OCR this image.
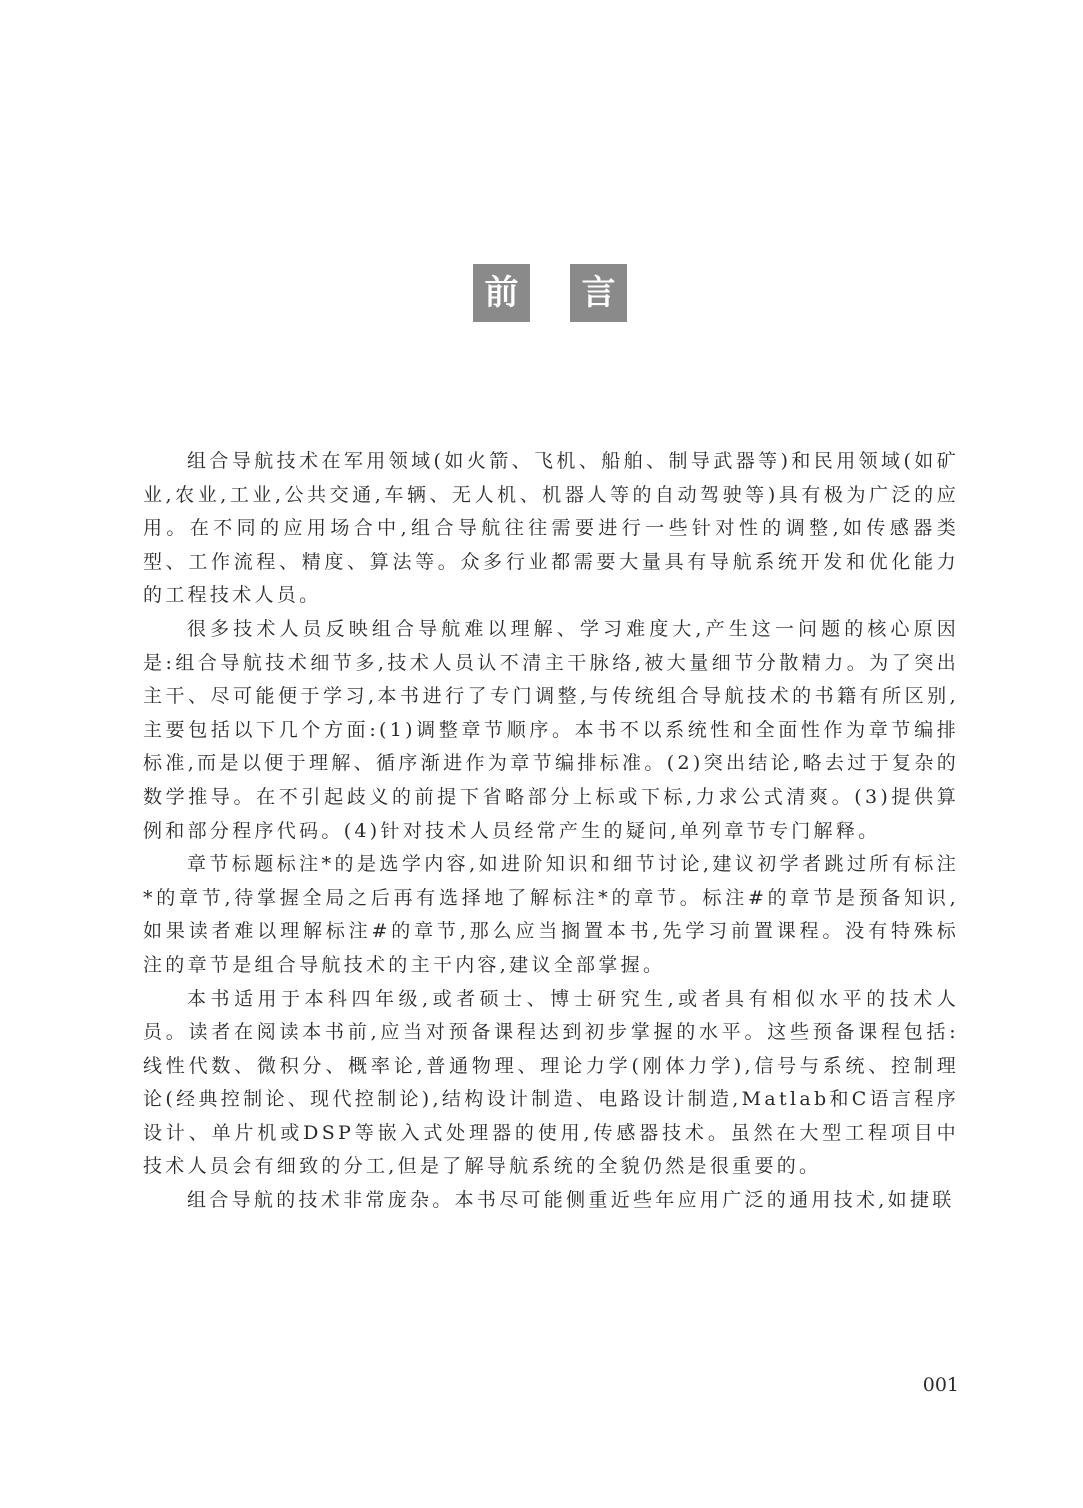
前	言

组合导航技术在军用领域(如火箭、飞机、船舶、制导武器等)和民用领域(如矿业,农业,工业,公共交通,车辆、无人机、机器人等的自动驾驶等)具有极为广泛的应用。在不同的应用场合中,组合导航往往需要进行一些针对性的调整,如传感器类型、工作流程、精度、算法等。众多行业都需要大量具有导航系统开发和优化能力的工程技术人员。

很多技术人员反映组合导航难以理解、学习难度大,产生这一问题的核心原因是:组合导航技术细节多,技术人员认不清主干脉络,被大量细节分散精力。为了突出主干、尽可能便于学习,本书进行了专门调整,与传统组合导航技术的书籍有所区别,主要包括以下几个方面:(1)调整章节顺序。本书不以系统性和全面性作为章节编排标准,而是以便于理解、循序渐进作为章节编排标准。(2)突出结论,略去过于复杂的数学推导。在不引起歧义的前提下省略部分上标或下标,力求公式清爽。(3)提供算例和部分程序代码。(4)针对技术人员经常产生的疑问,单列章节专门解释。

章节标题标注*的是选学内容,如进阶知识和细节讨论,建议初学者跳过所有标注*的章节,待掌握全局之后再有选择地了解标注*的章节。标注#的章节是预备知识,如果读者难以理解标注#的章节,那么应当搁置本书,先学习前置课程。没有特殊标注的章节是组合导航技术的主干内容,建议全部掌握。

本书适用于本科四年级,或者硕士、博士研究生,或者具有相似水平的技术人员。读者在阅读本书前,应当对预备课程达到初步掌握的水平。这些预备课程包括:线性代数、微积分、概率论,普通物理、理论力学(刚体力学),信号与系统、控制理论(经典控制论、现代控制论),结构设计制造、电路设计制造,Matlab和C语言程序设计、单片机或DSP等嵌入式处理器的使用,传感器技术。虽然在大型工程项目中技术人员会有细致的分工,但是了解导航系统的全貌仍然是很重要的。

组合导航的技术非常庞杂。本书尽可能侧重近些年应用广泛的通用技术,如捷联

001
